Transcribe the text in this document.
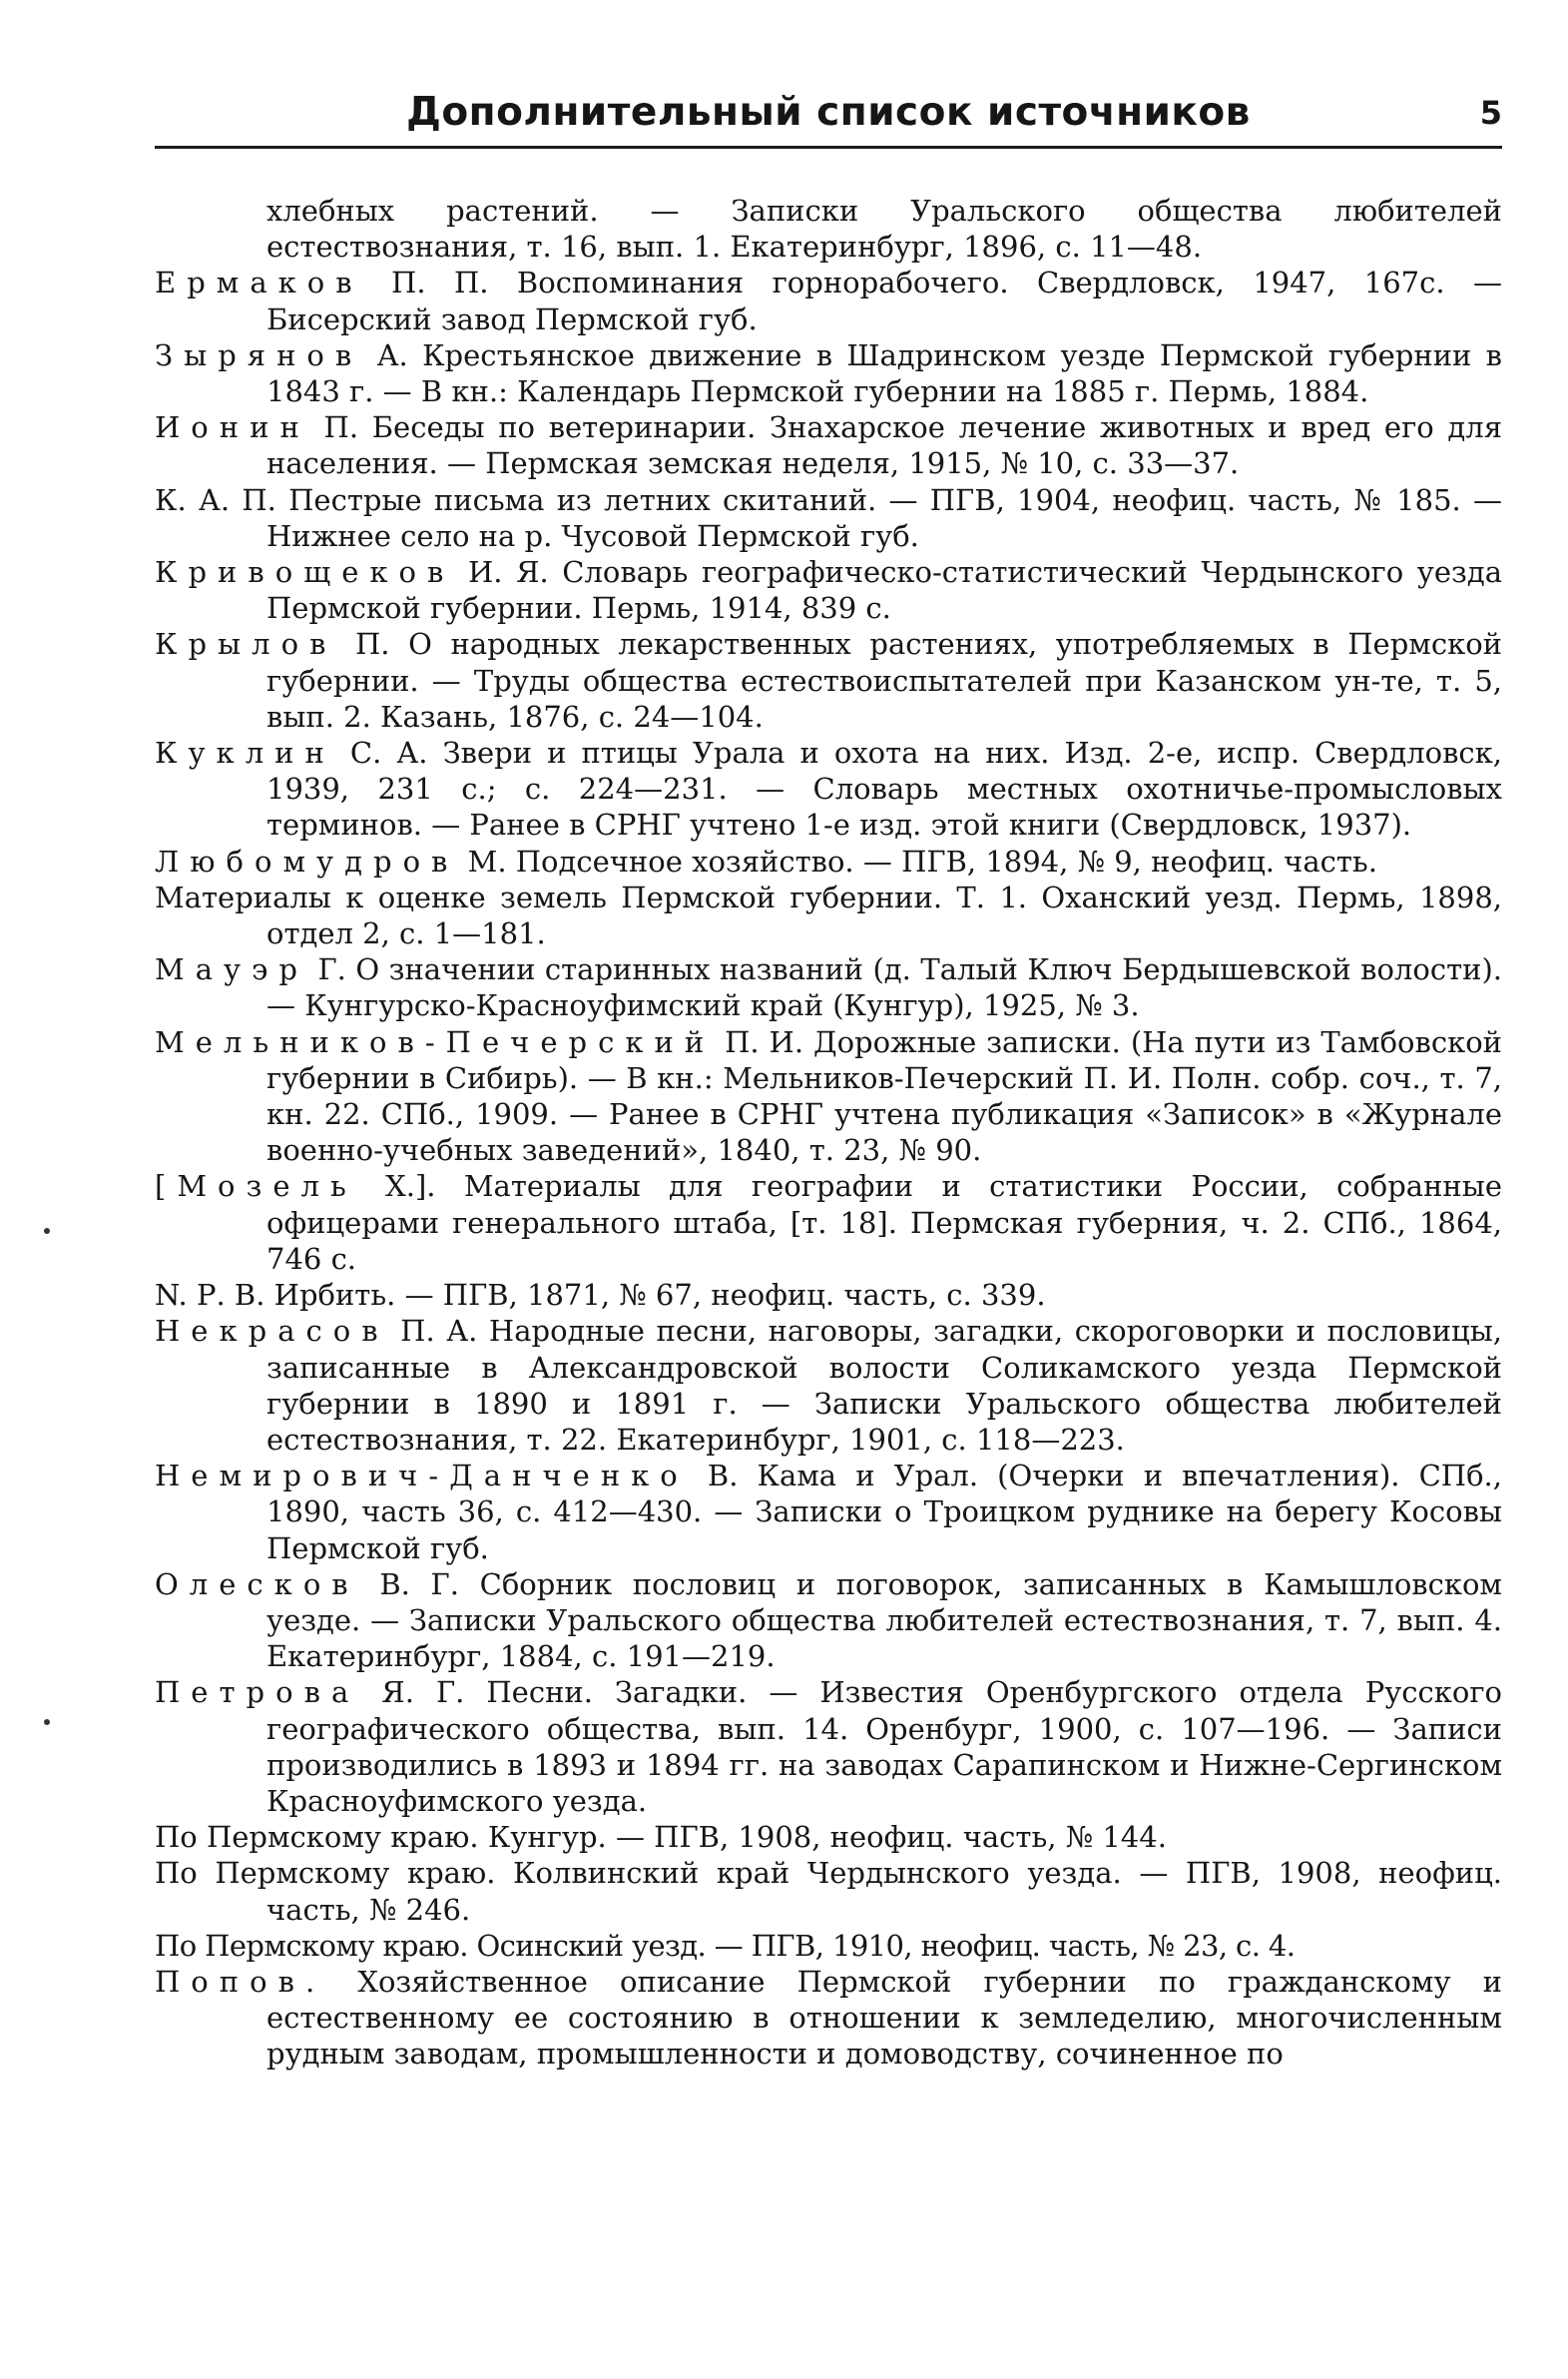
Дополнительный список источников	5

хлебных растений. — Записки Уральского общества любителей естествознания, т. 16, вып. 1. Екатеринбург, 1896, с. 11—48.

Ермаков П. П. Воспоминания горнорабочего. Свердловск, 1947, 167с. — Бисерский завод Пермской губ.

Зырянов А. Крестьянское движение в Шадринском уезде Пермской губернии в 1843 г. — В кн.: Календарь Пермской губернии на 1885 г. Пермь, 1884.

Ионин П. Беседы по ветеринарии. Знахарское лечение животных и вред его для населения. — Пермская земская неделя, 1915, № 10, с. 33—37.

К. А. П. Пестрые письма из летних скитаний. — ПГВ, 1904, неофиц. часть, № 185. — Нижнее село на р. Чусовой Пермской губ.

Кривощеков И. Я. Словарь географическо-статистический Чердынского уезда Пермской губернии. Пермь, 1914, 839 с.

Крылов П. О народных лекарственных растениях, употребляемых в Пермской губернии. — Труды общества естествоиспытателей при Казанском ун-те, т. 5, вып. 2. Казань, 1876, с. 24—104.

Куклин С. А. Звери и птицы Урала и охота на них. Изд. 2-е, испр. Свердловск, 1939, 231 с.; с. 224—231. — Словарь местных охотничье-промысловых терминов. — Ранее в СРНГ учтено 1-е изд. этой книги (Свердловск, 1937).

Любомудров М. Подсечное хозяйство. — ПГВ, 1894, № 9, неофиц. часть.

Материалы к оценке земель Пермской губернии. Т. 1. Оханский уезд. Пермь, 1898, отдел 2, с. 1—181.

Мауэр Г. О значении старинных названий (д. Талый Ключ Бердышевской волости). — Кунгурско-Красноуфимский край (Кунгур), 1925, № 3.

Мельников-Печерский П. И. Дорожные записки. (На пути из Тамбовской губернии в Сибирь). — В кн.: Мельников-Печерский П. И. Полн. собр. соч., т. 7, кн. 22. СПб., 1909. — Ранее в СРНГ учтена публикация «Записок» в «Журнале военно-учебных заведений», 1840, т. 23, № 90.

[Мозель Х.]. Материалы для географии и статистики России, собранные офицерами генерального штаба, [т. 18]. Пермская губерния, ч. 2. СПб., 1864, 746 с.

N. Р. В. Ирбить. — ПГВ, 1871, № 67, неофиц. часть, с. 339.

Некрасов П. А. Народные песни, наговоры, загадки, скороговорки и пословицы, записанные в Александровской волости Соликамского уезда Пермской губернии в 1890 и 1891 г. — Записки Уральского общества любителей естествознания, т. 22. Екатеринбург, 1901, с. 118—223.

Немирович-Данченко В. Кама и Урал. (Очерки и впечатления). СПб., 1890, часть 36, с. 412—430. — Записки о Троицком руднике на берегу Косовы Пермской губ.

Олесков В. Г. Сборник пословиц и поговорок, записанных в Камышловском уезде. — Записки Уральского общества любителей естествознания, т. 7, вып. 4. Екатеринбург, 1884, с. 191—219.

Петрова Я. Г. Песни. Загадки. — Известия Оренбургского отдела Русского географического общества, вып. 14. Оренбург, 1900, с. 107—196. — Записи производились в 1893 и 1894 гг. на заводах Сарапинском и Нижне-Сергинском Красноуфимского уезда.

По Пермскому краю. Кунгур. — ПГВ, 1908, неофиц. часть, № 144.

По Пермскому краю. Колвинский край Чердынского уезда. — ПГВ, 1908, неофиц. часть, № 246.

По Пермскому краю. Осинский уезд. — ПГВ, 1910, неофиц. часть, № 23, с. 4.

Попов. Хозяйственное описание Пермской губернии по гражданскому и естественному ее состоянию в отношении к земледелию, многочисленным рудным заводам, промышленности и домоводству, сочиненное по
